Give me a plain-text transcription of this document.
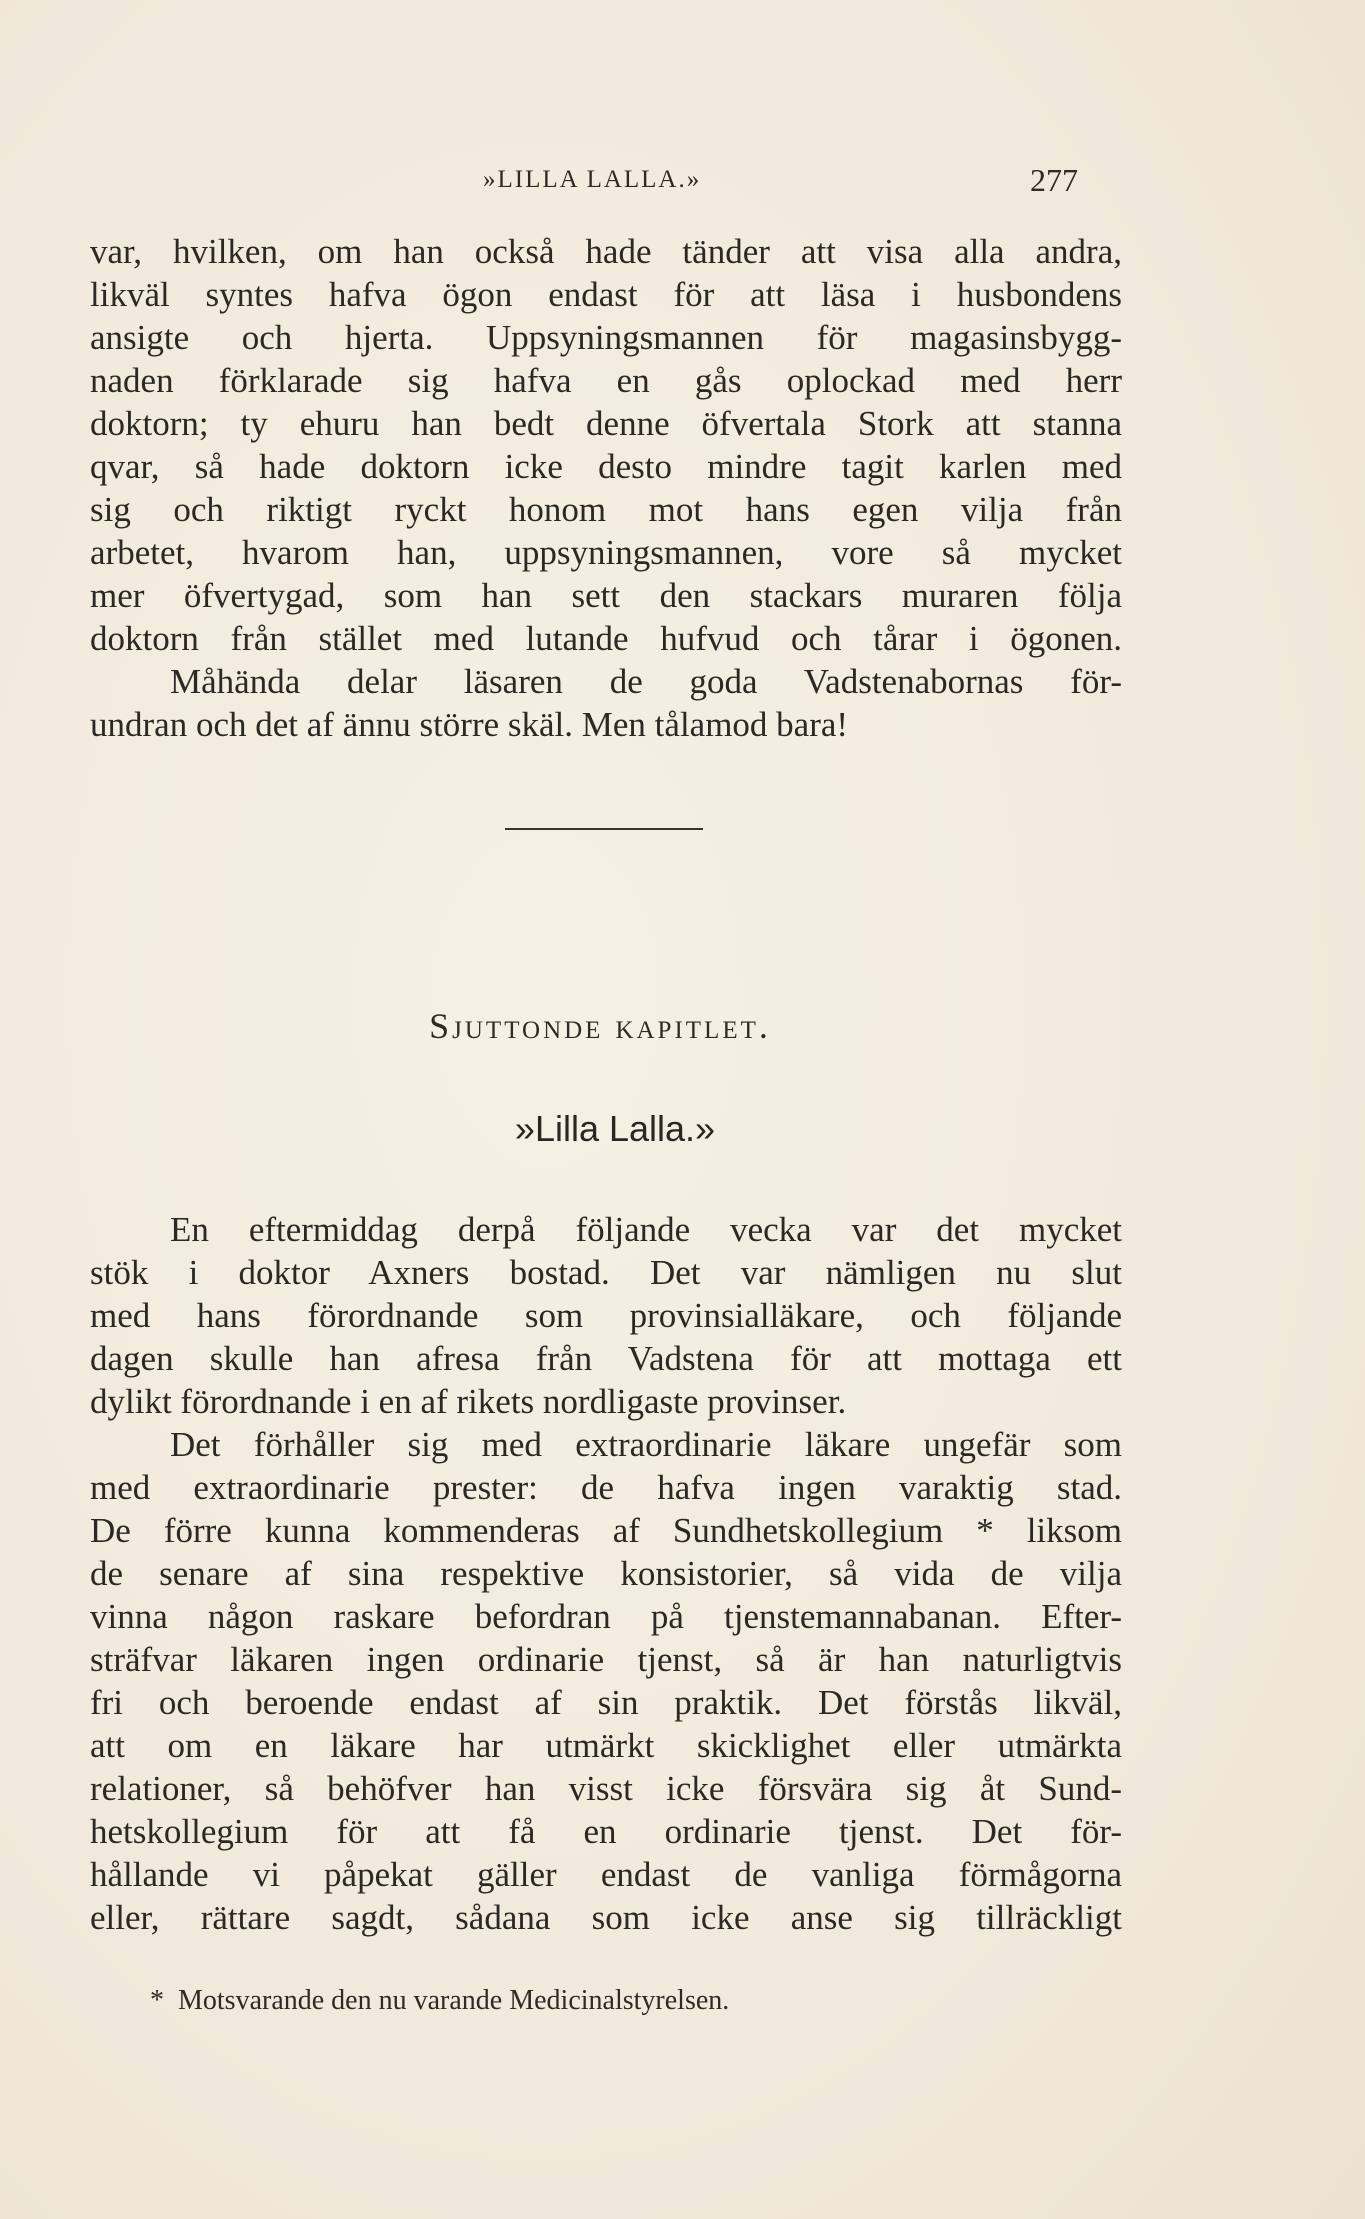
»LILLA LALLA.»	277
var, hvilken, om han också hade tänder att visa alla andra,
likväl syntes hafva ögon endast för att läsa i husbondens
ansigte och hjerta. Uppsyningsmannen för magasinsbygg-
naden förklarade sig hafva en gås oplockad med herr
doktorn; ty ehuru han bedt denne öfvertala Stork att stanna
qvar, så hade doktorn icke desto mindre tagit karlen med
sig och riktigt ryckt honom mot hans egen vilja från
arbetet, hvarom han, uppsyningsmannen, vore så mycket
mer öfvertygad, som han sett den stackars muraren följa
doktorn från stället med lutande hufvud och tårar i ögonen.
Måhända delar läsaren de goda Vadstenabornas för-
undran och det af ännu större skäl. Men tålamod bara!
Sjuttonde kapitlet.
»Lilla Lalla.»
En eftermiddag derpå följande vecka var det mycket
stök i doktor Axners bostad. Det var nämligen nu slut
med hans förordnande som provinsialläkare, och följande
dagen skulle han afresa från Vadstena för att mottaga ett
dylikt förordnande i en af rikets nordligaste provinser.
Det förhåller sig med extraordinarie läkare ungefär som
med extraordinarie prester: de hafva ingen varaktig stad.
De förre kunna kommenderas af Sundhetskollegium * liksom
de senare af sina respektive konsistorier, så vida de vilja
vinna någon raskare befordran på tjenstemannabanan. Efter-
sträfvar läkaren ingen ordinarie tjenst, så är han naturligtvis
fri och beroende endast af sin praktik. Det förstås likväl,
att om en läkare har utmärkt skicklighet eller utmärkta
relationer, så behöfver han visst icke försvära sig åt Sund-
hetskollegium för att få en ordinarie tjenst. Det för-
hållande vi påpekat gäller endast de vanliga förmågorna
eller, rättare sagdt, sådana som icke anse sig tillräckligt
* Motsvarande den nu varande Medicinalstyrelsen.
